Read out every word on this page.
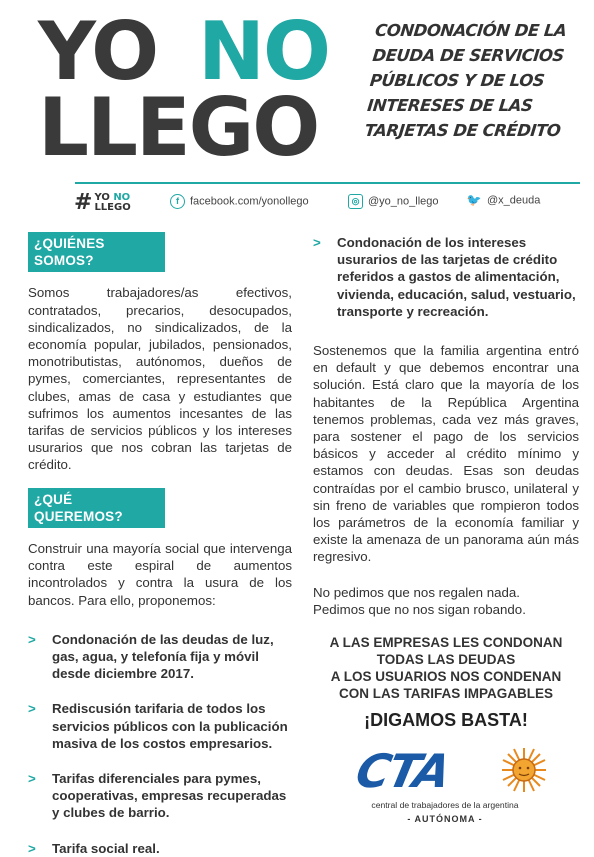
YO NO
LLEGO
CONDONACIÓN DE LA DEUDA DE SERVICIOS PÚBLICOS Y DE LOS INTERESES DE LAS TARJETAS DE CRÉDITO
# YO NO
LLEGO
f facebook.com/yonollego	◎ @yo_no_llego 🐦 @x_deuda
¿QUIÉNES SOMOS?

Somos trabajadores/as efectivos, contratados, precarios, desocupados, sindicalizados, no sindicalizados, de la economía popular, jubilados, pensionados, monotributistas, autónomos, dueños de pymes, comerciantes, representantes de clubes, amas de casa y estudiantes que sufrimos los aumentos incesantes de las tarifas de servicios públicos y los intereses usurarios que nos cobran las tarjetas de crédito.

¿QUÉ QUEREMOS?

Construir una mayoría social que intervenga contra este espiral de aumentos incontrolados y contra la usura de los bancos. Para ello, proponemos:

> Condonación de las deudas de luz, gas, agua, y telefonía fija y móvil desde diciembre 2017.

> Rediscusión tarifaria de todos los servicios públicos con la publicación masiva de los costos empresarios.

> Tarifas diferenciales para pymes, cooperativas, empresas recuperadas y clubes de barrio.

> Tarifa social real.

> Condonación de los intereses usurarios de las tarjetas de crédito referidos a gastos de alimentación, vivienda, educación, salud, vestuario, transporte y recreación.

Sostenemos que la familia argentina entró en default y que debemos encontrar una solución. Está claro que la mayoría de los habitantes de la República Argentina tenemos problemas, cada vez más graves, para sostener el pago de los servicios básicos y acceder al crédito mínimo y estamos con deudas. Esas son deudas contraídas por el cambio brusco, unilateral y sin freno de variables que rompieron todos los parámetros de la economía familiar y existe la amenaza de un panorama aún más regresivo.

No pedimos que nos regalen nada.

Pedimos que no nos sigan robando.

A LAS EMPRESAS LES CONDONAN
TODAS LAS DEUDAS
A LOS USUARIOS NOS CONDENAN
CON LAS TARIFAS IMPAGABLES
¡DIGAMOS BASTA!
CTA
central de trabajadores de la argentina
- AUTÓNOMA -
